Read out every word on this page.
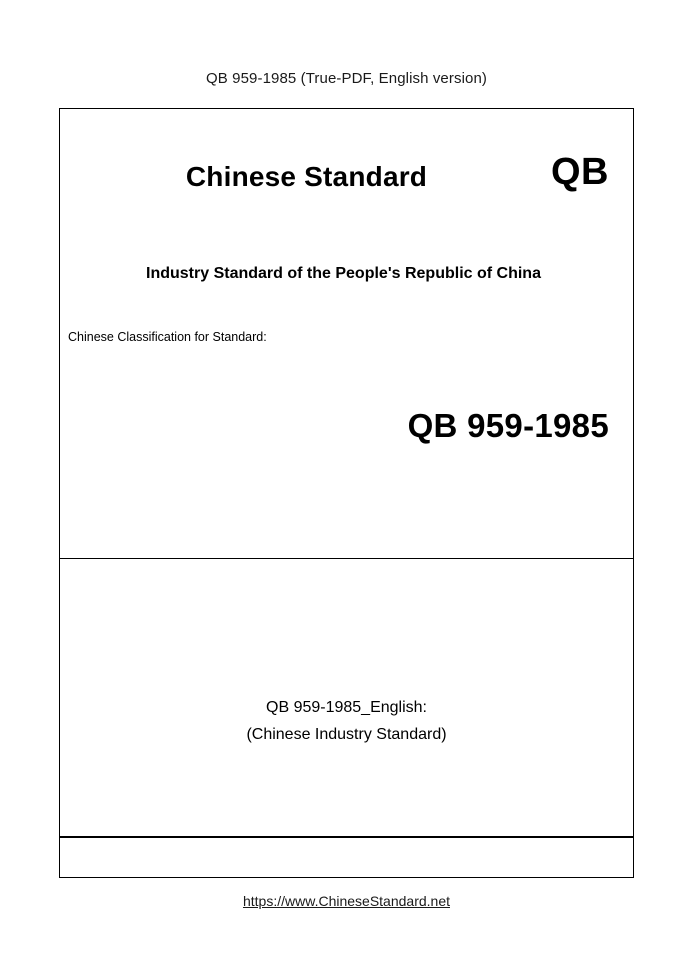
QB 959-1985 (True-PDF, English version)
QB
Chinese Standard
Industry Standard of the People's Republic of China
Chinese Classification for Standard:
QB 959-1985
QB 959-1985_English:
(Chinese Industry Standard)
https://www.ChineseStandard.net
